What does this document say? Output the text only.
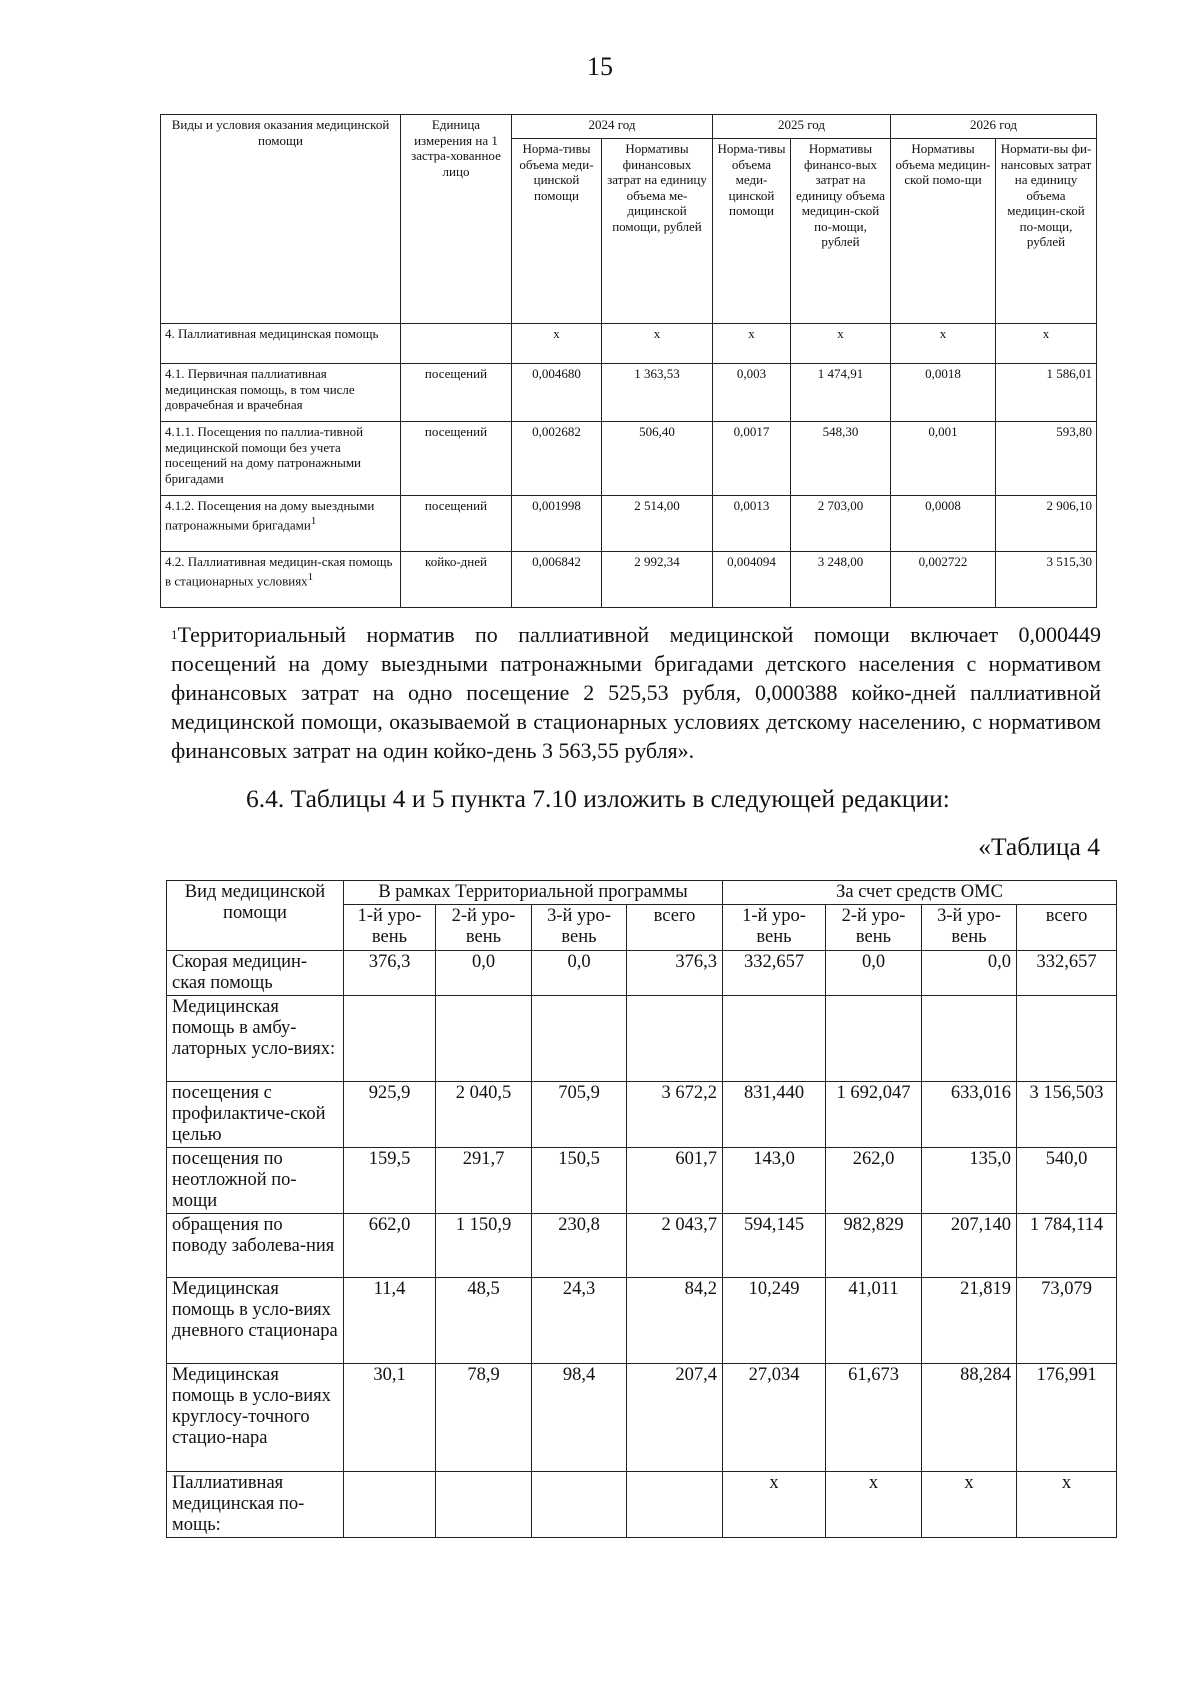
15
Виды и условия оказания медицинской помощи	Единица измерения на 1 застра-хованное лицо	2024 год		2025 год		2026 год	
		Норма-тивы объема меди-цинской помощи	Нормативы финансовых затрат на единицу объема ме-дицинской помощи, рублей	Норма-тивы объема меди-цинской помощи	Нормативы финансо-вых затрат на единицу объема медицин-ской по-мощи, рублей	Нормативы объема медицин-ской помо-щи	Нормати-вы фи-нансовых затрат на единицу объема медицин-ской по-мощи, рублей
4. Паллиативная медицинская помощь		x	x	x	x	x	x
4.1. Первичная паллиативная медицинская помощь, в том числе доврачебная и врачебная	посещений	0,004680	1 363,53	0,003	1 474,91	0,0018	1 586,01
4.1.1. Посещения по паллиа-тивной медицинской помощи без учета посещений на дому патронажными бригадами	посещений	0,002682	506,40	0,0017	548,30	0,001	593,80
4.1.2. Посещения на дому выездными патронажными бригадами$^1$	посещений	0,001998	2 514,00	0,0013	2 703,00	0,0008	2 906,10
4.2. Паллиативная медицин-ская помощь в стационарных условиях$^1$	койко-дней	0,006842	2 992,34	0,004094	3 248,00	0,002722	3 515,30
$^1$Территориальный норматив по паллиативной медицинской помощи включает 0,000449 посещений на дому выездными патронажными бригадами детского населения с нормативом финансовых затрат на одно посещение 2 525,53 рубля, 0,000388 койко-дней паллиативной медицинской помощи, оказываемой в стационарных условиях детскому населению, с нормативом финансовых затрат на один койко-день 3 563,55 рубля».
6.4. Таблицы 4 и 5 пункта 7.10 изложить в следующей редакции:
«Таблица 4
Вид медицинской помощи	В рамках Территориальной программы				За счет средств ОМС			
	1-й уро-вень	2-й уро-вень	3-й уро-вень	всего	1-й уро-вень	2-й уро-вень	3-й уро-вень	всего
Скорая медицин-ская помощь	376,3	0,0	0,0	376,3	332,657	0,0	0,0	332,657
Медицинская помощь в амбу-латорных усло-виях:								
посещения с профилактиче-ской целью	925,9	2 040,5	705,9	3 672,2	831,440	1 692,047	633,016	3 156,503
посещения по неотложной по-мощи	159,5	291,7	150,5	601,7	143,0	262,0	135,0	540,0
обращения по поводу заболева-ния	662,0	1 150,9	230,8	2 043,7	594,145	982,829	207,140	1 784,114
Медицинская помощь в усло-виях дневного стационара	11,4	48,5	24,3	84,2	10,249	41,011	21,819	73,079
Медицинская помощь в усло-виях круглосу-точного стацио-нара	30,1	78,9	98,4	207,4	27,034	61,673	88,284	176,991
Паллиативная медицинская по-мощь:					x	x	x	x
